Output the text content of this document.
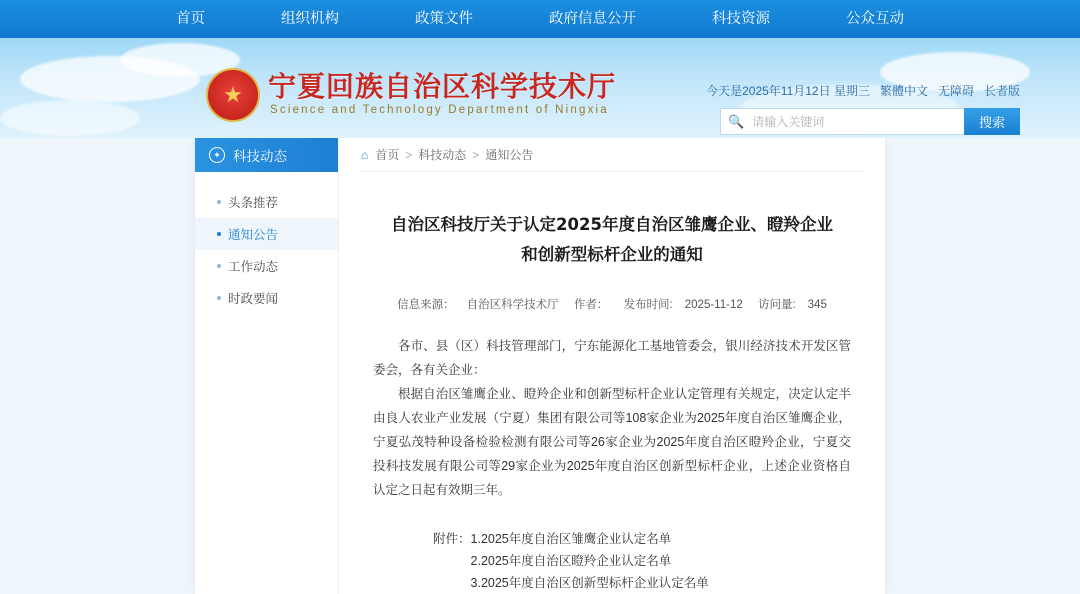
首页	组织机构	政策文件	政府信息公开	科技资源	公众互动
★ 宁夏回族自治区科学技术厅
Science and Technology Department of Ningxia
今天是2025年11月12日 星期三 繁體中文 无障碍 长者版
🔍
请输入关键词	搜索
✦ 科技动态
头条推荐
通知公告
工作动态
时政要闻
⌂ 首页 > 科技动态 > 通知公告
自治区科技厅关于认定2025年度自治区雏鹰企业、瞪羚企业
和创新型标杆企业的通知
信息来源： 自治区科学技术厅 作者： 发布时间: 2025-11-12 访问量: 345

各市、县（区）科技管理部门，宁东能源化工基地管委会，银川经济技术开发区管委会，各有关企业：

根据自治区雏鹰企业、瞪羚企业和创新型标杆企业认定管理有关规定，决定认定半由良人农业产业发展（宁夏）集团有限公司等108家企业为2025年度自治区雏鹰企业，宁夏弘茂特种设备检验检测有限公司等26家企业为2025年度自治区瞪羚企业，宁夏交投科技发展有限公司等29家企业为2025年度自治区创新型标杆企业，上述企业资格自认定之日起有效期三年。

附件： 1.2025年度自治区雏鹰企业认定名单
2.2025年度自治区瞪羚企业认定名单
3.2025年度自治区创新型标杆企业认定名单
